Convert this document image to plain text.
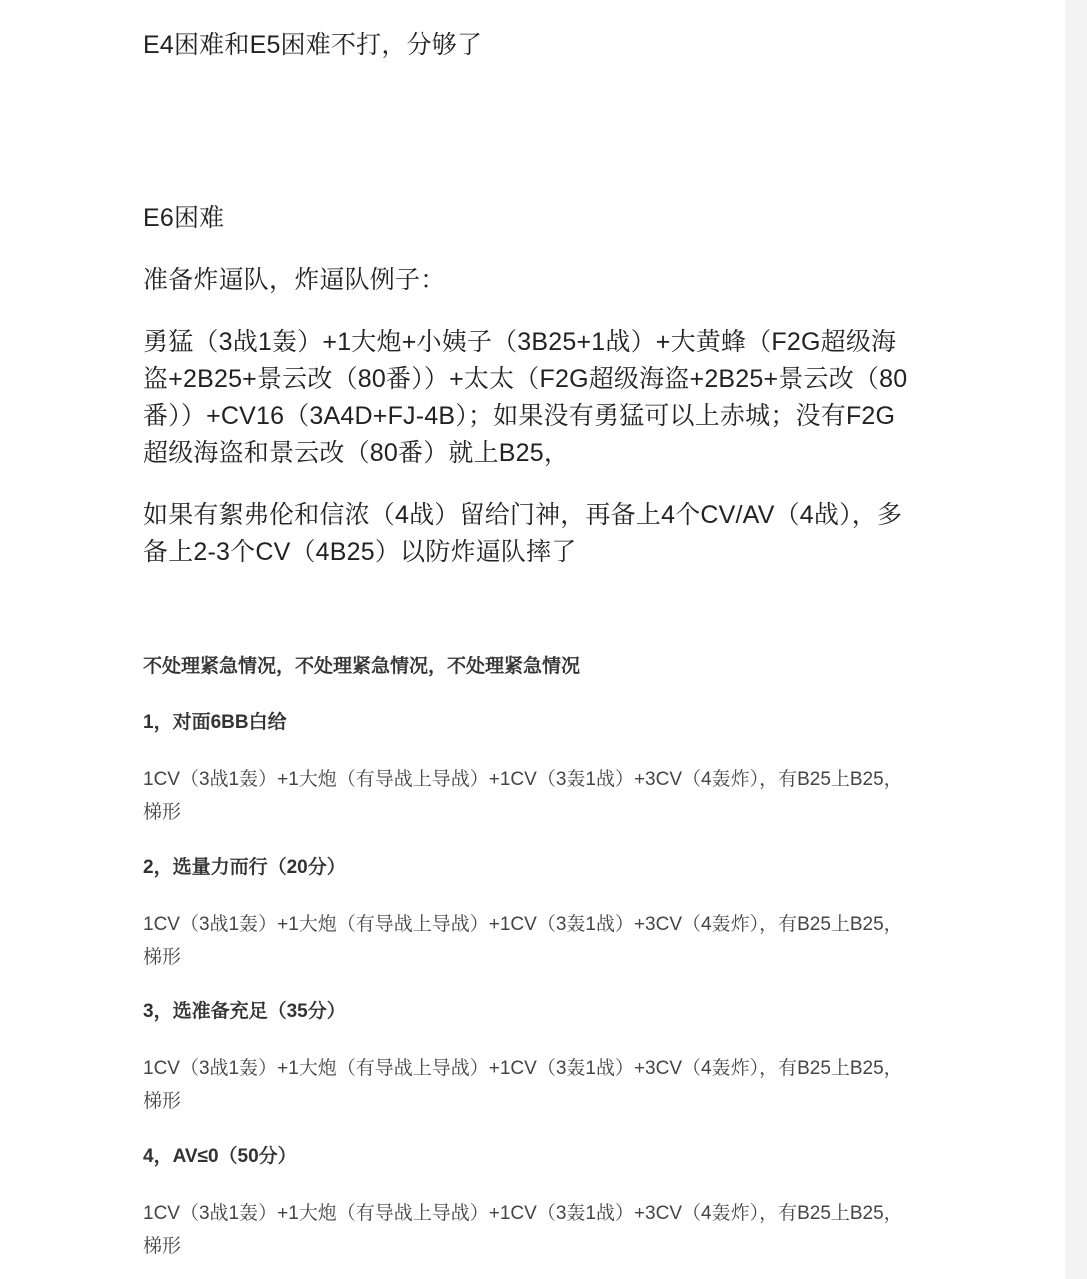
E4困难和E5困难不打，分够了

E6困难

准备炸逼队，炸逼队例子：

勇猛（3战1轰）+1大炮+小姨子（3B25+1战）+大黄蜂（F2G超级海盗+2B25+景云改（80番））+太太（F2G超级海盗+2B25+景云改（80番））+CV16（3A4D+FJ-4B）；如果没有勇猛可以上赤城；没有F2G超级海盗和景云改（80番）就上B25，

如果有絮弗伦和信浓（4战）留给门神，再备上4个CV/AV（4战），多备上2-3个CV（4B25）以防炸逼队摔了

不处理紧急情况，不处理紧急情况，不处理紧急情况

1，对面6BB白给

1CV（3战1轰）+1大炮（有导战上导战）+1CV（3轰1战）+3CV（4轰炸），有B25上B25，梯形

2，选量力而行（20分）

1CV（3战1轰）+1大炮（有导战上导战）+1CV（3轰1战）+3CV（4轰炸），有B25上B25，梯形

3，选准备充足（35分）

1CV（3战1轰）+1大炮（有导战上导战）+1CV（3轰1战）+3CV（4轰炸），有B25上B25，梯形

4，AV≤0（50分）

1CV（3战1轰）+1大炮（有导战上导战）+1CV（3轰1战）+3CV（4轰炸），有B25上B25，梯形
